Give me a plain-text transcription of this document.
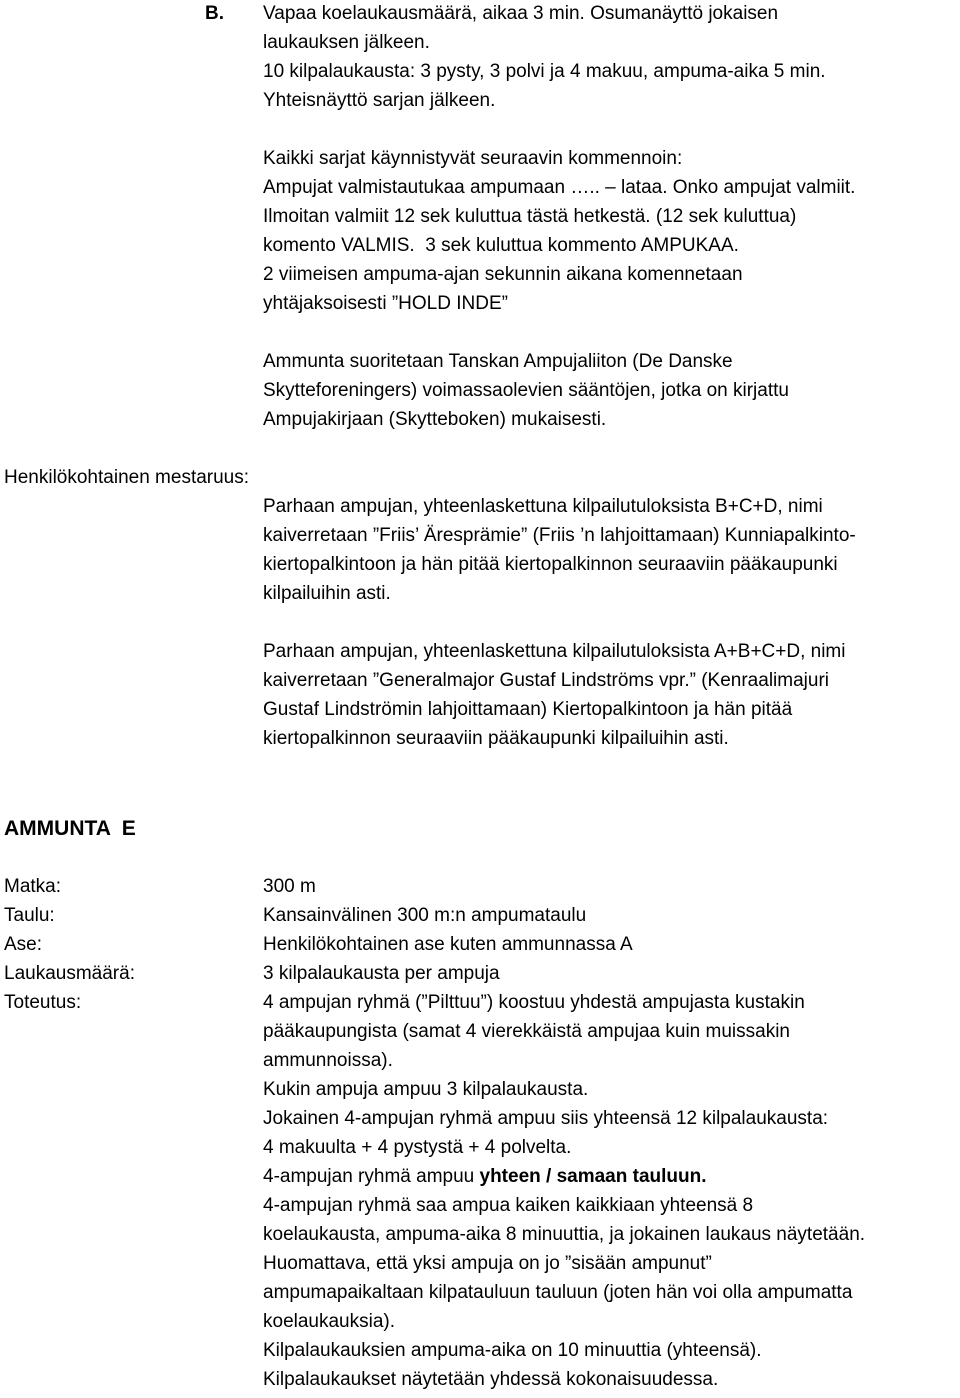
B. Vapaa koelaukausmäärä, aikaa 3 min. Osumanäyttö jokaisen
laukauksen jälkeen.
10 kilpalaukausta: 3 pysty, 3 polvi ja 4 makuu, ampuma-aika 5 min.
Yhteisnäyttö sarjan jälkeen.
Kaikki sarjat käynnistyvät seuraavin kommennoin:
Ampujat valmistautukaa ampumaan ….. – lataa. Onko ampujat valmiit.
Ilmoitan valmiit 12 sek kuluttua tästä hetkestä. (12 sek kuluttua)
komento VALMIS.  3 sek kuluttua kommento AMPUKAA.
2 viimeisen ampuma-ajan sekunnin aikana komennetaan
yhtäjaksoisesti ”HOLD INDE”
Ammunta suoritetaan Tanskan Ampujaliiton (De Danske
Skytteforeningers) voimassaolevien sääntöjen, jotka on kirjattu
Ampujakirjaan (Skytteboken) mukaisesti.
Henkilökohtainen mestaruus:
Parhaan ampujan, yhteenlaskettuna kilpailutuloksista B+C+D, nimi
kaiverretaan ”Friis’ Äresprämie” (Friis ’n lahjoittamaan) Kunniapalkinto-
kiertopalkintoon ja hän pitää kiertopalkinnon seuraaviin pääkaupunki
kilpailuihin asti.
Parhaan ampujan, yhteenlaskettuna kilpailutuloksista A+B+C+D, nimi
kaiverretaan ”Generalmajor Gustaf Lindströms vpr.” (Kenraalimajuri
Gustaf Lindströmin lahjoittamaan) Kiertopalkintoon ja hän pitää
kiertopalkinnon seuraaviin pääkaupunki kilpailuihin asti.
AMMUNTA  E
Matka:	300 m
Taulu:	Kansainvälinen 300 m:n ampumataulu
Ase:	Henkilökohtainen ase kuten ammunnassa A
Laukausmäärä:	3 kilpalaukausta per ampuja
Toteutus:	4 ampujan ryhmä (”Pilttuu”) koostuu yhdestä ampujasta kustakin
pääkaupungista (samat 4 vierekkäistä ampujaa kuin muissakin
ammunnoissa).
Kukin ampuja ampuu 3 kilpalaukausta.
Jokainen 4-ampujan ryhmä ampuu siis yhteensä 12 kilpalaukausta:
4 makuulta + 4 pystystä + 4 polvelta.
4-ampujan ryhmä ampuu yhteen / samaan tauluun.
4-ampujan ryhmä saa ampua kaiken kaikkiaan yhteensä 8
koelaukausta, ampuma-aika 8 minuuttia, ja jokainen laukaus näytetään.
Huomattava, että yksi ampuja on jo ”sisään ampunut”
ampumapaikaltaan kilpatauluun tauluun (joten hän voi olla ampumatta
koelaukauksia).
Kilpalaukauksien ampuma-aika on 10 minuuttia (yhteensä).
Kilpalaukaukset näytetään yhdessä kokonaisuudessa.
